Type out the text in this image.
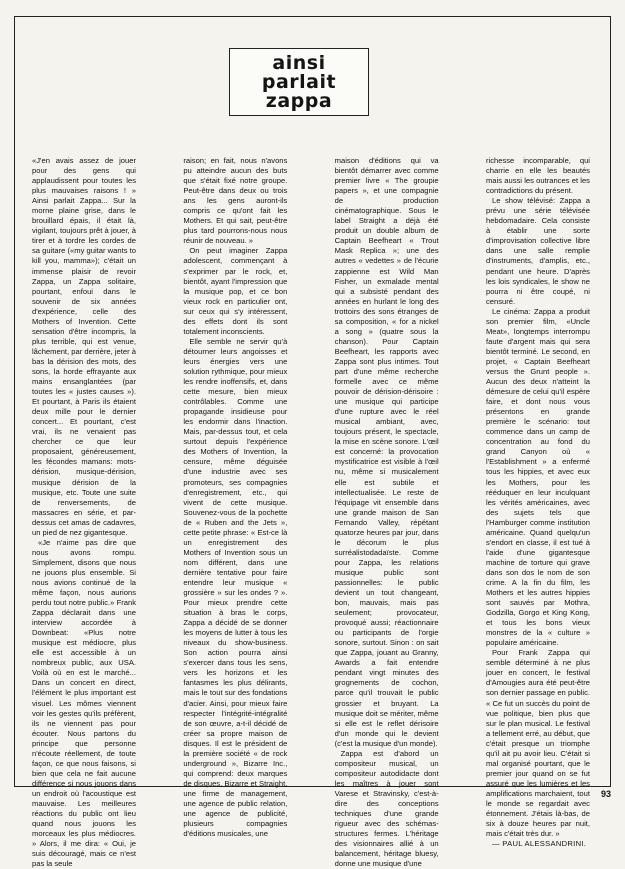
ainsi
parlait
zappa

«J'en avais assez de jouer pour des gens qui applaudissent pour toutes les plus mauvaises raisons ! » Ainsi parlait Zappa... Sur la morne plaine grise, dans le brouillard épais, il était là, vigilant, toujours prêt à jouer, à tirer et à tordre les cordes de sa guitare («my guitar wants to kill you, mamma»); c'était un immense plaisir de revoir Zappa, un Zappa solitaire, pourtant, enfoui dans le souvenir de six années d'expérience, celle des Mothers of Invention. Cette sensation d'être incompris, la plus terrible, qui est venue, lâchement, par derrière, jeter à bas la dérision des mots, des sons, la horde effrayante aux mains ensanglantées (par toutes les « justes causes »). Et pourtant, à Paris ils étaient deux mille pour le dernier concert... Et pourtant, c'est vrai, ils ne venaient pas chercher ce que leur proposaient, généreusement, les fécondes mamans: mots-dérision, musique-dérision, musique dérision de la musique, etc. Toute une suite de renversements, de massacres en série, et par-dessus cet amas de cadavres, un pied de nez gigantesque.

«Je n'aime pas dire que nous avons rompu. Simplement, disons que nous ne jouons plus ensemble. Si nous avions continué de la même façon, nous aurions perdu tout notre public.» Frank Zappa déclarait dans une interview accordée à Downbeat: «Plus notre musique est médiocre, plus elle est accessible à un nombreux public, aux USA. Voilà où en est le marché... Dans un concert en direct, l'élément le plus important est visuel. Les mômes viennent voir les gestes qu'ils préfèrent, ils ne viennent pas pour écouter. Nous partons du principe que personne n'écoute réellement, de toute façon, ce que nous faisons, si bien que cela ne fait aucune différence si nous jouons dans un endroit où l'acoustique est mauvaise. Les meilleures réactions du public ont lieu quand nous jouons les morceaux les plus médiocres. » Alors, il me dira: « Oui, je suis découragé, mais ce n'est pas la seule

raison; en fait, nous n'avons pu atteindre aucun des buts que s'était fixé notre groupe. Peut-être dans deux ou trois ans les gens auront-ils compris ce qu'ont fait les Mothers. Et qui sait, peut-être plus tard pourrons-nous nous réunir de nouveau. »

On peut imaginer Zappa adolescent, commençant à s'exprimer par le rock, et, bientôt, ayant l'impression que la musique pop, et ce bon vieux rock en particulier ont, sur ceux qui s'y intéressent, des effets dont ils sont totalement inconscients.

Elle semble ne servir qu'à détourner leurs angoisses et leurs énergies vers une solution rythmique, pour mieux les rendre inoffensifs, et, dans cette mesure, bien mieux contrôlables. Comme une propagande insidieuse pour les endormir dans l'inaction. Mais, par-dessus tout, et cela surtout depuis l'expérience des Mothers of Invention, la censure, même déguisée d'une industrie avec ses promoteurs, ses compagnies d'enregistrement, etc., qui vivent de cette musique. Souvenez-vous de la pochette de « Ruben and the Jets », cette petite phrase: « Est-ce là un enregistrement des Mothers of Invention sous un nom différent, dans une dernière tentative pour faire entendre leur musique « grossière » sur les ondes ? ». Pour mieux prendre cette situation à bras le corps, Zappa a décidé de se donner les moyens de lutter à tous les niveaux du show-business. Son action pourra ainsi s'exercer dans tous les sens, vers les horizons et les fantasmes les plus délirants, mais le tout sur des fondations d'acier. Ainsi, pour mieux faire respecter l'intégrité-intégralité de son œuvre, a-t-il décidé de créer sa propre maison de disques. Il est le président de la première société « de rock underground », Bizarre Inc., qui comprend: deux marques de disques, Bizarre et Straight, une firme de management, une agence de public relation, une agence de publicité, plusieurs compagnies d'éditions musicales, une

maison d'éditions qui va bientôt démarrer avec comme premier livre « The groupie papers », et une compagnie de production cinématographique. Sous le label Straight a déjà été produit un double album de Captain Beefheart « Trout Mask Replica »; une des autres « vedettes » de l'écurie zappienne est Wild Man Fisher, un exmalade mental qui a subsisté pendant des années en hurlant le long des trottoirs des sons étranges de sa composition, « for a nickel a song » (quatre sous la chanson). Pour Captain Beefheart, les rapports avec Zappa sont plus intimes. Tout part d'une même recherche formelle avec ce même pouvoir de dérision-dérisoire : une musique qui participe d'une rupture avec le réel musical ambiant, avec, toujours présent, le spectacle, la mise en scène sonore. L'œil est concerné: la provocation mystificatrice est visible à l'œil nu, même si musicalement elle est subtile et intellectualisée. Le reste de l'équipage vit ensemble dans une grande maison de San Fernando Valley, répétant quatorze heures par jour, dans le décorum le plus surréalistodadaïste. Comme pour Zappa, les relations musique public sont passionnelles: le public devient un tout changeant, bon, mauvais, mais pas seulement; provocateur, provoqué aussi; réactionnaire ou participants de l'orgie sonore, surtout. Sinon : on sait que Zappa, jouant au Granny, Awards a fait entendre pendant vingt minutes des grognements de cochon, parce qu'il trouvait le public grossier et bruyant. La musique doit se mériter, même si elle est le reflet dérisoire d'un monde qui le devient (c'est la musique d'un monde).

Zappa est d'abord un compositeur musical, un compositeur autodidacte dont les maîtres à jouer sont Varese et Stravinsky, c'est-à-dire des conceptions techniques d'une grande rigueur avec des schémas-structures fermes. L'héritage des visionnaires allié à un balancement, héritage bluesy, donne une musique d'une

richesse incomparable, qui charrie en elle les beautés mais aussi les outrances et les contradictions du présent.

Le show télévisé: Zappa a prévu une série télévisée hebdomadaire. Cela consiste à établir une sorte d'improvisation collective libre dans une salle remplie d'instruments, d'amplis, etc., pendant une heure. D'après les lois syndicales, le show ne pourra ni être coupé, ni censuré.

Le cinéma: Zappa a produit son premier film, «Uncle Meat», longtemps interrompu faute d'argent mais qui sera bientôt terminé. Le second, en projet, « Captain Beefheart versus the Grunt people ». Aucun des deux n'atteint la démesure de celui qu'il espère faire, et dont nous vous présentons en grande première le scénario: tout commence dans un camp de concentration au fond du grand Canyon où « l'Establishment » a enfermé tous les hippies, et avec eux les Mothers, pour les rééduquer en leur inculquant les vérités américaines, avec des sujets tels que l'Hamburger comme institution américaine. Quand quelqu'un s'endort en classe, il est tué à l'aide d'une gigantesque machine de torture qui grave dans son dos le nom de son crime. A la fin du film, les Mothers et les autres hippies sont sauvés par Mothra, Godzilla, Gorgo et King Kong, et tous les bons vieux monstres de la « culture » populaire américaine.

Pour Frank Zappa qui semble déterminé à ne plus jouer en concert, le festival d'Amougies aura été peut-être son dernier passage en public. « Ce fut un succès du point de vue politique, bien plus que sur le plan musical. Le festival a tellement erré, au début, que c'était presque un triomphe qu'il ait pu avoir lieu. C'était si mal organisé pourtant, que le premier jour quand on se fut assuré que les lumières et les amplifications marchaient, tout le monde se regardait avec étonnement. J'étais là-bas, de six à douze heures par nuit, mais c'était très dur. »

— PAUL ALESSANDRINI.

93
